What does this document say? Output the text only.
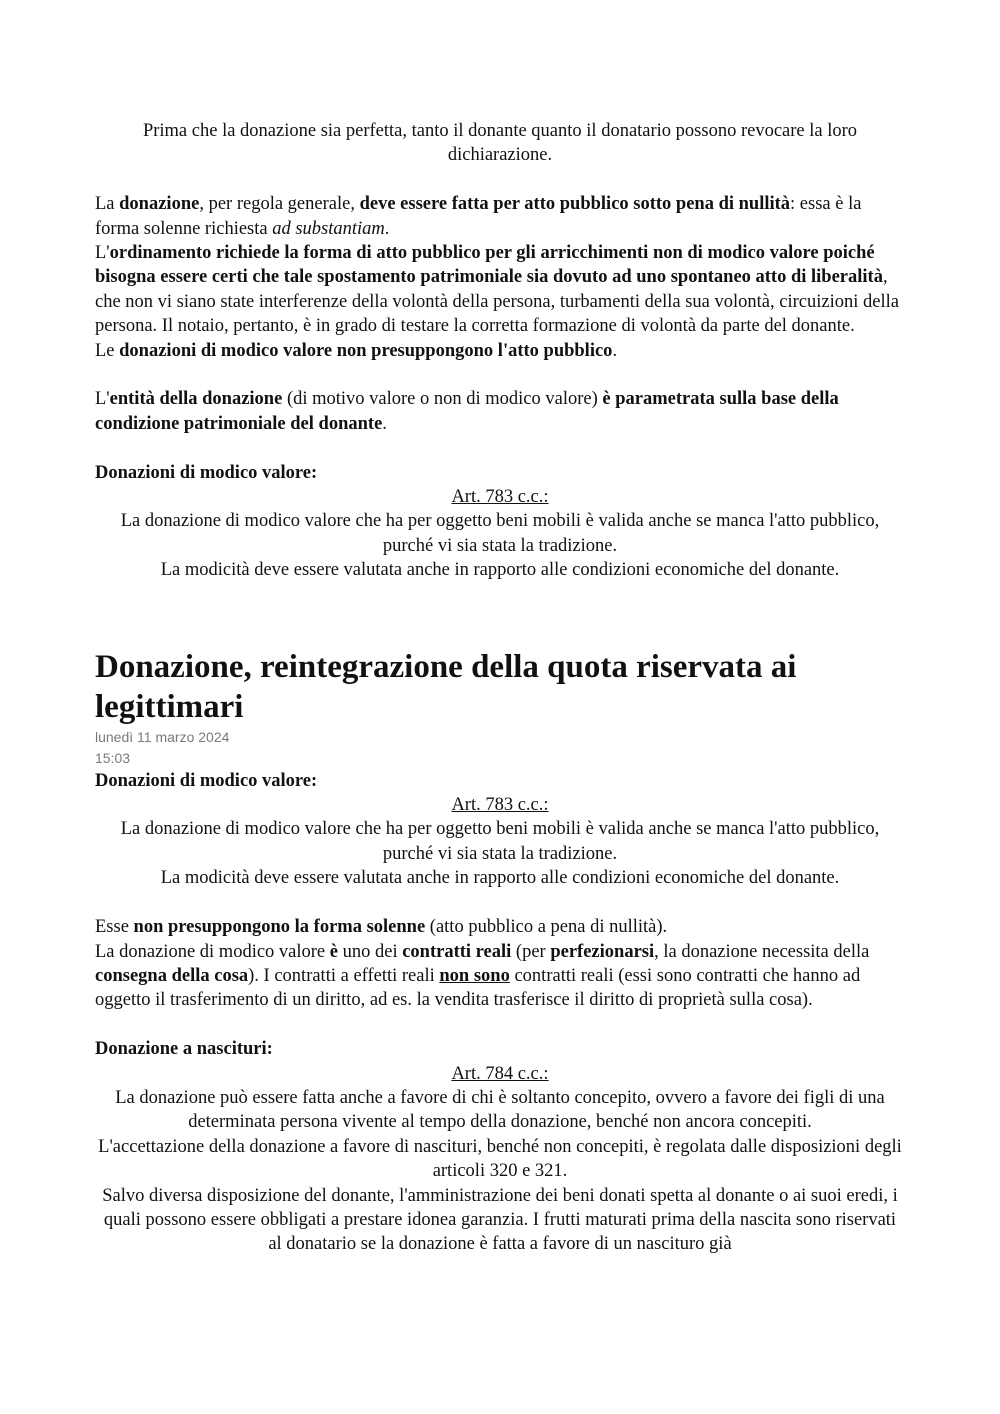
Prima che la donazione sia perfetta, tanto il donante quanto il donatario possono revocare la loro dichiarazione.

La donazione, per regola generale, deve essere fatta per atto pubblico sotto pena di nullità: essa è la forma solenne richiesta ad substantiam.

L'ordinamento richiede la forma di atto pubblico per gli arricchimenti non di modico valore poiché bisogna essere certi che tale spostamento patrimoniale sia dovuto ad uno spontaneo atto di liberalità, che non vi siano state interferenze della volontà della persona, turbamenti della sua volontà, circuizioni della persona. Il notaio, pertanto, è in grado di testare la corretta formazione di volontà da parte del donante.

Le donazioni di modico valore non presuppongono l'atto pubblico.

L'entità della donazione (di motivo valore o non di modico valore) è parametrata sulla base della condizione patrimoniale del donante.

Donazioni di modico valore:

Art. 783 c.c.:

La donazione di modico valore che ha per oggetto beni mobili è valida anche se manca l'atto pubblico, purché vi sia stata la tradizione.

La modicità deve essere valutata anche in rapporto alle condizioni economiche del donante.

Donazione, reintegrazione della quota riservata ai legittimari
lunedì 11 marzo 2024
15:03

Donazioni di modico valore:

Art. 783 c.c.:

La donazione di modico valore che ha per oggetto beni mobili è valida anche se manca l'atto pubblico, purché vi sia stata la tradizione.

La modicità deve essere valutata anche in rapporto alle condizioni economiche del donante.

Esse non presuppongono la forma solenne (atto pubblico a pena di nullità).

La donazione di modico valore è uno dei contratti reali (per perfezionarsi, la donazione necessita della consegna della cosa). I contratti a effetti reali non sono contratti reali (essi sono contratti che hanno ad oggetto il trasferimento di un diritto, ad es. la vendita trasferisce il diritto di proprietà sulla cosa).

Donazione a nascituri:

Art. 784 c.c.:

La donazione può essere fatta anche a favore di chi è soltanto concepito, ovvero a favore dei figli di una determinata persona vivente al tempo della donazione, benché non ancora concepiti.

L'accettazione della donazione a favore di nascituri, benché non concepiti, è regolata dalle disposizioni degli articoli 320 e 321.

Salvo diversa disposizione del donante, l'amministrazione dei beni donati spetta al donante o ai suoi eredi, i quali possono essere obbligati a prestare idonea garanzia. I frutti maturati prima della nascita sono riservati al donatario se la donazione è fatta a favore di un nascituro già
